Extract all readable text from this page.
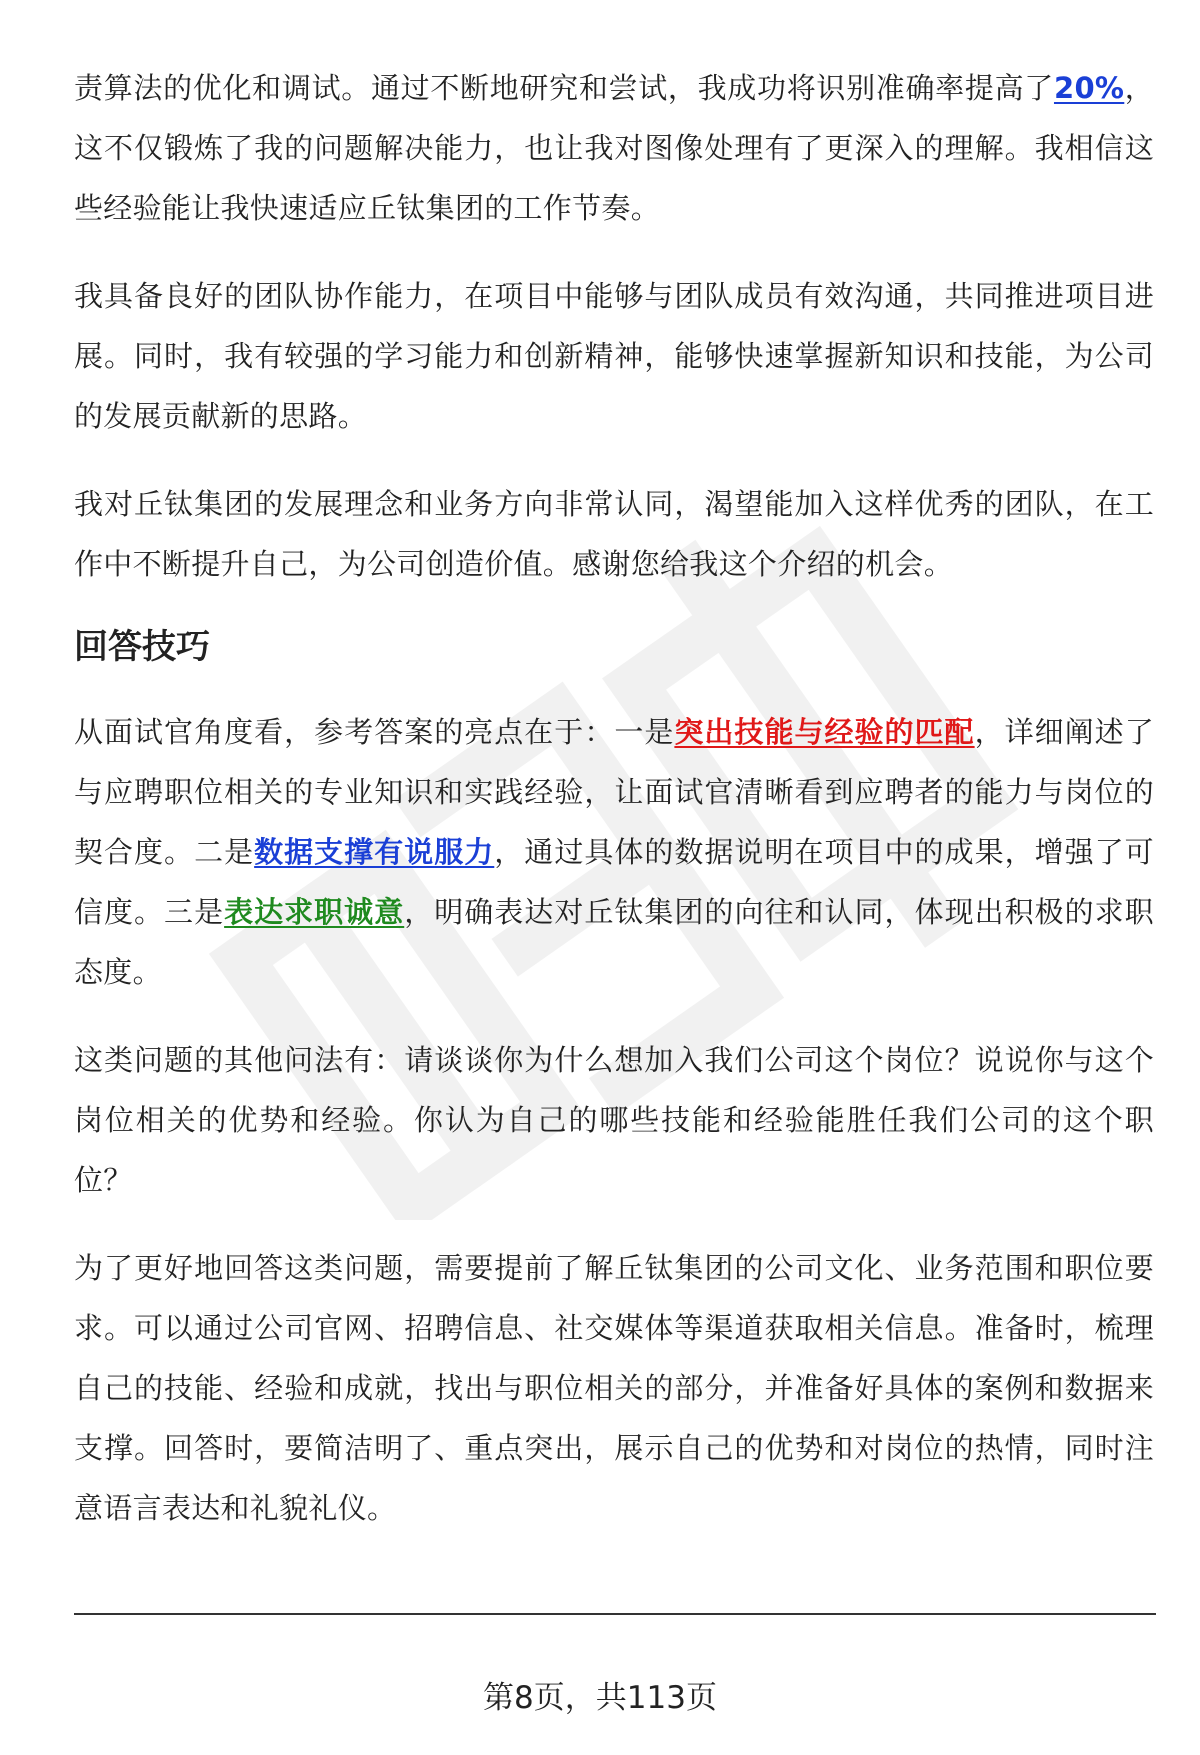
责算法的优化和调试。通过不断地研究和尝试，我成功将识别准确率提高了20%，这不仅锻炼了我的问题解决能力，也让我对图像处理有了更深入的理解。我相信这些经验能让我快速适应丘钛集团的工作节奏。

我具备良好的团队协作能力，在项目中能够与团队成员有效沟通，共同推进项目进展。同时，我有较强的学习能力和创新精神，能够快速掌握新知识和技能，为公司的发展贡献新的思路。

我对丘钛集团的发展理念和业务方向非常认同，渴望能加入这样优秀的团队，在工作中不断提升自己，为公司创造价值。感谢您给我这个介绍的机会。

回答技巧

从面试官角度看，参考答案的亮点在于：一是突出技能与经验的匹配，详细阐述了与应聘职位相关的专业知识和实践经验，让面试官清晰看到应聘者的能力与岗位的契合度。二是数据支撑有说服力，通过具体的数据说明在项目中的成果，增强了可信度。三是表达求职诚意，明确表达对丘钛集团的向往和认同，体现出积极的求职态度。

这类问题的其他问法有：请谈谈你为什么想加入我们公司这个岗位？说说你与这个岗位相关的优势和经验。你认为自己的哪些技能和经验能胜任我们公司的这个职位？

为了更好地回答这类问题，需要提前了解丘钛集团的公司文化、业务范围和职位要求。可以通过公司官网、招聘信息、社交媒体等渠道获取相关信息。准备时，梳理自己的技能、经验和成就，找出与职位相关的部分，并准备好具体的案例和数据来支撑。回答时，要简洁明了、重点突出，展示自己的优势和对岗位的热情，同时注意语言表达和礼貌礼仪。

第8页，共113页
